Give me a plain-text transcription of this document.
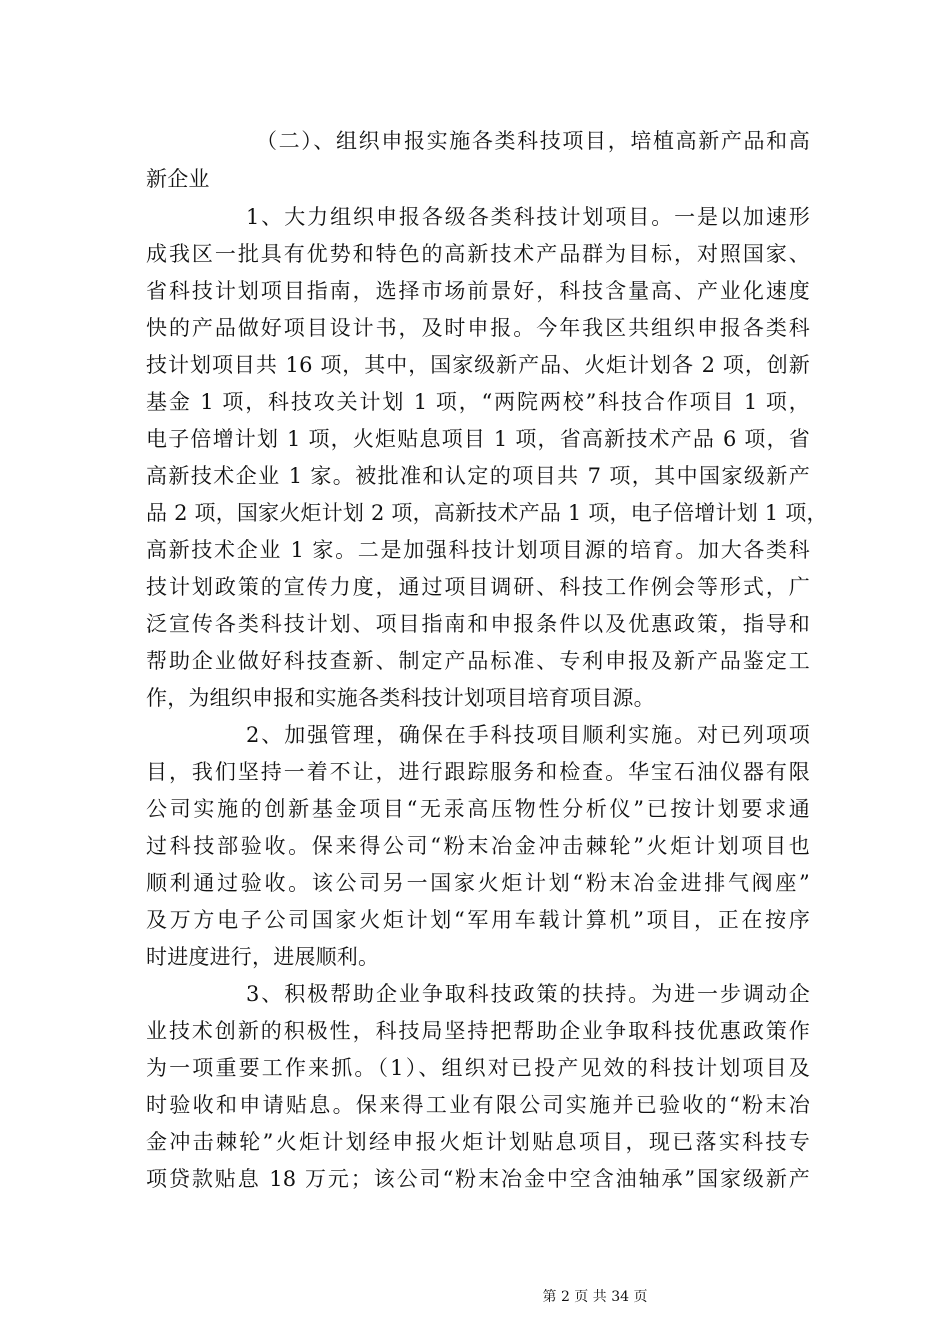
（二）、组织申报实施各类科技项目，培植高新产品和高
新企业
1、大力组织申报各级各类科技计划项目。一是以加速形
成我区一批具有优势和特色的高新技术产品群为目标，对照国家、
省科技计划项目指南，选择市场前景好，科技含量高、产业化速度
快的产品做好项目设计书，及时申报。今年我区共组织申报各类科
技计划项目共 16 项，其中，国家级新产品、火炬计划各 2 项，创新
基金 1 项，科技攻关计划 1 项，“两院两校”科技合作项目 1 项，
电子倍增计划 1 项，火炬贴息项目 1 项，省高新技术产品 6 项，省
高新技术企业 1 家。被批准和认定的项目共 7 项，其中国家级新产
品 2 项，国家火炬计划 2 项，高新技术产品 1 项，电子倍增计划 1 项，
高新技术企业 1 家。二是加强科技计划项目源的培育。加大各类科
技计划政策的宣传力度，通过项目调研、科技工作例会等形式，广
泛宣传各类科技计划、项目指南和申报条件以及优惠政策，指导和
帮助企业做好科技查新、制定产品标准、专利申报及新产品鉴定工
作，为组织申报和实施各类科技计划项目培育项目源。
2、加强管理，确保在手科技项目顺利实施。对已列项项
目，我们坚持一着不让，进行跟踪服务和检查。华宝石油仪器有限
公司实施的创新基金项目“无汞高压物性分析仪”已按计划要求通
过科技部验收。保来得公司“粉末冶金冲击棘轮”火炬计划项目也
顺利通过验收。该公司另一国家火炬计划“粉末冶金进排气阀座”
及万方电子公司国家火炬计划“军用车载计算机”项目，正在按序
时进度进行，进展顺利。
3、积极帮助企业争取科技政策的扶持。为进一步调动企
业技术创新的积极性，科技局坚持把帮助企业争取科技优惠政策作
为一项重要工作来抓。（1）、组织对已投产见效的科技计划项目及
时验收和申请贴息。保来得工业有限公司实施并已验收的“粉末冶
金冲击棘轮”火炬计划经申报火炬计划贴息项目，现已落实科技专
项贷款贴息 18 万元；该公司“粉末冶金中空含油轴承”国家级新产
第 2 页 共 34 页
